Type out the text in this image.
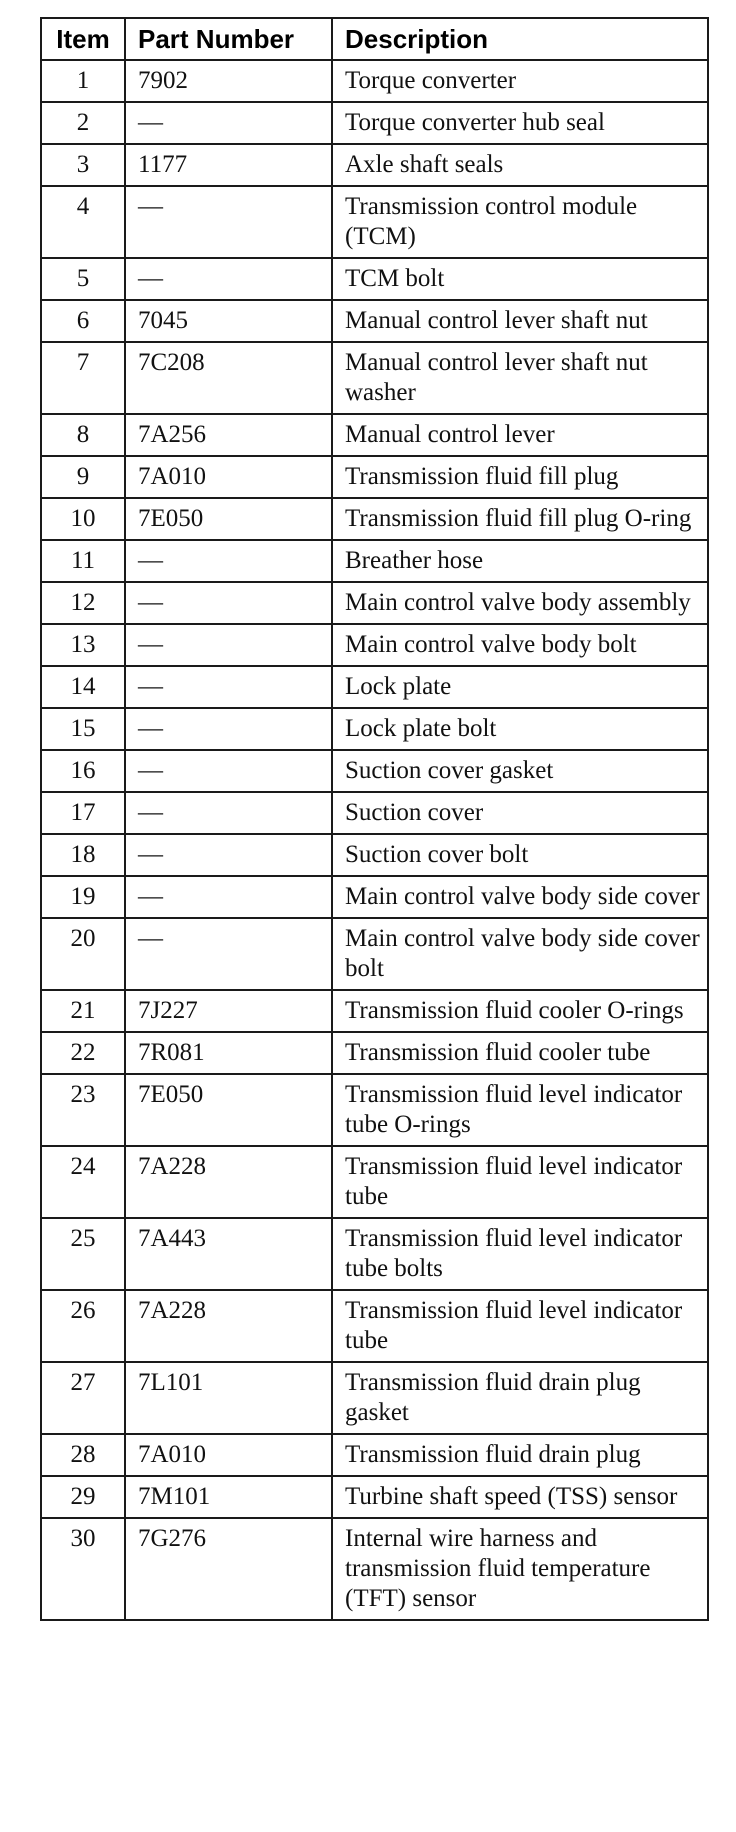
Item	Part Number	Description
1	7902	Torque converter
2	—	Torque converter hub seal
3	1177	Axle shaft seals
4	—	Transmission control module (TCM)
5	—	TCM bolt
6	7045	Manual control lever shaft nut
7	7C208	Manual control lever shaft nut washer
8	7A256	Manual control lever
9	7A010	Transmission fluid fill plug
10	7E050	Transmission fluid fill plug O-ring
11	—	Breather hose
12	—	Main control valve body assembly
13	—	Main control valve body bolt
14	—	Lock plate
15	—	Lock plate bolt
16	—	Suction cover gasket
17	—	Suction cover
18	—	Suction cover bolt
19	—	Main control valve body side cover
20	—	Main control valve body side cover bolt
21	7J227	Transmission fluid cooler O-rings
22	7R081	Transmission fluid cooler tube
23	7E050	Transmission fluid level indicator tube O-rings
24	7A228	Transmission fluid level indicator tube
25	7A443	Transmission fluid level indicator tube bolts
26	7A228	Transmission fluid level indicator tube
27	7L101	Transmission fluid drain plug gasket
28	7A010	Transmission fluid drain plug
29	7M101	Turbine shaft speed (TSS) sensor
30	7G276	Internal wire harness and transmission fluid temperature (TFT) sensor
